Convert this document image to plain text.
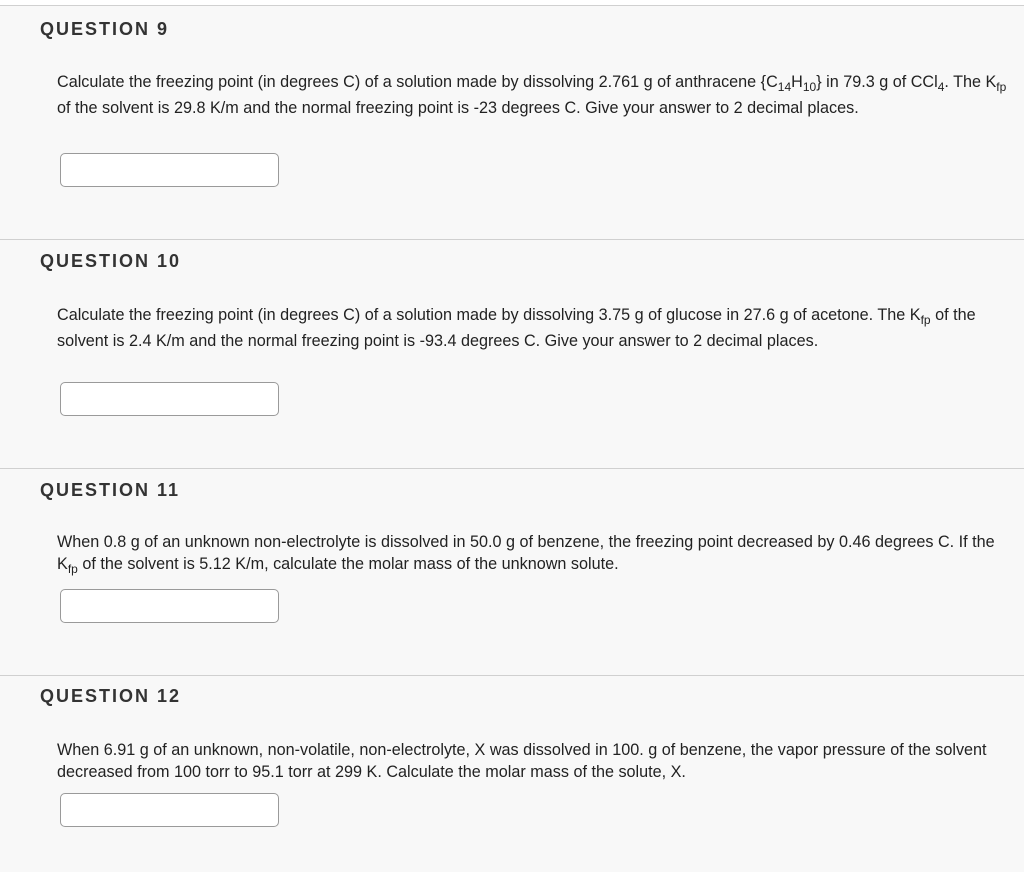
QUESTION 9
Calculate the freezing point (in degrees C) of a solution made by dissolving 2.761 g of anthracene $\{C_{14}H_{10}\}$ in 79.3 g of CCl$_4$. The $K_{fp}$ of the solvent is 29.8 K/m and the normal freezing point is -23 degrees C. Give your answer to 2 decimal places.
QUESTION 10
Calculate the freezing point (in degrees C) of a solution made by dissolving 3.75 g of glucose in 27.6 g of acetone. The $K_{fp}$ of the solvent is 2.4 K/m and the normal freezing point is -93.4 degrees C. Give your answer to 2 decimal places.
QUESTION 11
When 0.8 g of an unknown non-electrolyte is dissolved in 50.0 g of benzene, the freezing point decreased by 0.46 degrees C. If the $K_{fp}$ of the solvent is 5.12 K/m, calculate the molar mass of the unknown solute.
QUESTION 12
When 6.91 g of an unknown, non-volatile, non-electrolyte, X was dissolved in 100. g of benzene, the vapor pressure of the solvent decreased from 100 torr to 95.1 torr at 299 K. Calculate the molar mass of the solute, X.
